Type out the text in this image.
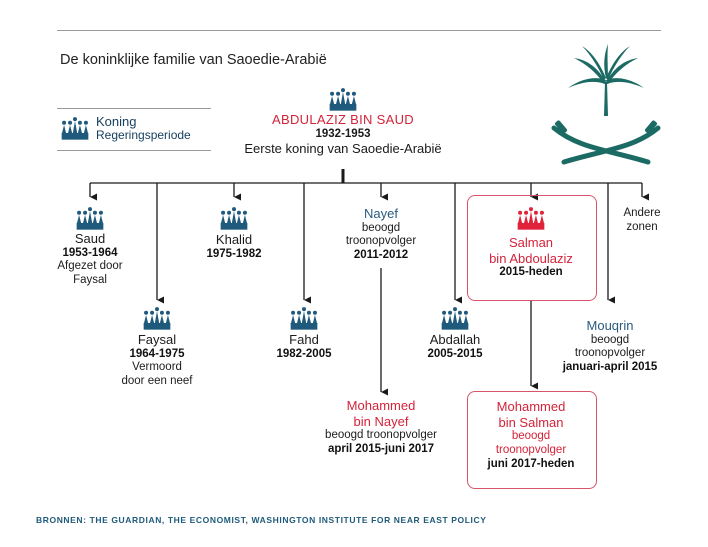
De koninklijke familie van Saoedie-Arabië
Koning
Regeringsperiode
ABDULAZIZ BIN SAUD
1932-1953
Eerste koning van Saoedie-Arabië
Saud
1953-1964
Afgezet door
Faysal
Faysal
1964-1975
Vermoord
door een neef
Khalid
1975-1982
Fahd
1982-2005
Nayef
beoogd
troonopvolger
2011-2012
Abdallah
2005-2015
Salman
bin Abdoulaziz
2015-heden
Mouqrin
beoogd
troonopvolger
januari-april 2015
Andere
zonen
Mohammed
bin Nayef
beoogd troonopvolger
april 2015-juni 2017
Mohammed
bin Salman
beoogd
troonopvolger
juni 2017-heden
BRONNEN: THE GUARDIAN, THE ECONOMIST, WASHINGTON INSTITUTE FOR NEAR EAST POLICY
